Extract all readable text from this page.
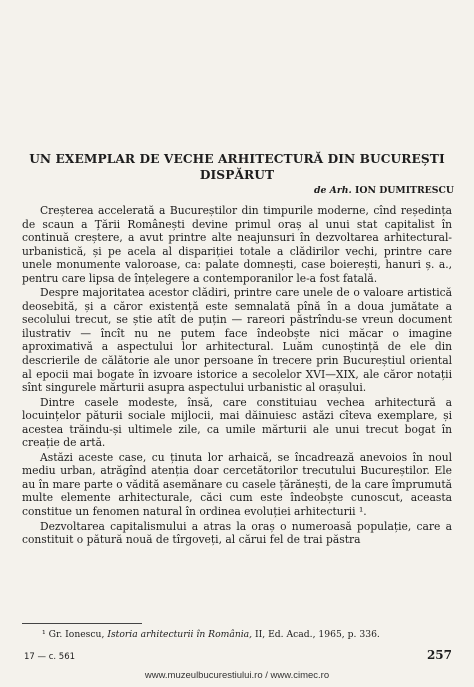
UN EXEMPLAR DE VECHE ARHITECTURĂ DIN BUCUREȘTI
DISPĂRUT
de Arh. ION DUMITRESCU

Creșterea accelerată a Bucureștilor din timpurile moderne, cînd reședința de scaun a Țării Românești devine primul oraș al unui stat capitalist în continuă creștere, a avut printre alte neajunsuri în dezvoltarea arhitectural-urbanistică, și pe acela al dispariției totale a clădirilor vechi, printre care unele monumente valoroase, ca: palate domnești, case boierești, hanuri ș. a., pentru care lipsa de înțelegere a contemporanilor le-a fost fatală.

Despre majoritatea acestor clădiri, printre care unele de o valoare artistică deosebită, și a căror existență este semnalată pînă în a doua jumătate a secolului trecut, se știe atît de puțin — rareori păstrîndu-se vreun document ilustrativ — încît nu ne putem face îndeobște nici măcar o imagine aproximativă a aspectului lor arhitectural. Luăm cunoștință de ele din descrierile de călătorie ale unor persoane în trecere prin Bucureștiul oriental al epocii mai bogate în izvoare istorice a secolelor XVI—XIX, ale căror notații sînt singurele mărturii asupra aspectului urbanistic al orașului.

Dintre casele modeste, însă, care constituiau vechea arhitectură a locuințelor păturii sociale mijlocii, mai dăinuiesc astăzi cîteva exemplare, și acestea trăindu-și ultimele zile, ca umile mărturii ale unui trecut bogat în creație de artă.

Astăzi aceste case, cu ținuta lor arhaică, se încadrează anevoios în noul mediu urban, atrăgînd atenția doar cercetătorilor trecutului Bucureștilor. Ele au în mare parte o vădită asemănare cu casele țărănești, de la care împrumută multe elemente arhitecturale, căci cum este îndeobște cunoscut, aceasta constitue un fenomen natural în ordinea evoluției arhitecturii ¹.

Dezvoltarea capitalismului a atras la oraș o numeroasă populație, care a constituit o pătură nouă de tîrgoveți, al cărui fel de trai păstra

¹ Gr. Ionescu, Istoria arhitecturii în România, II, Ed. Acad., 1965, p. 336.
17 — c. 561	257
www.muzeulbucurestiului.ro / www.cimec.ro
